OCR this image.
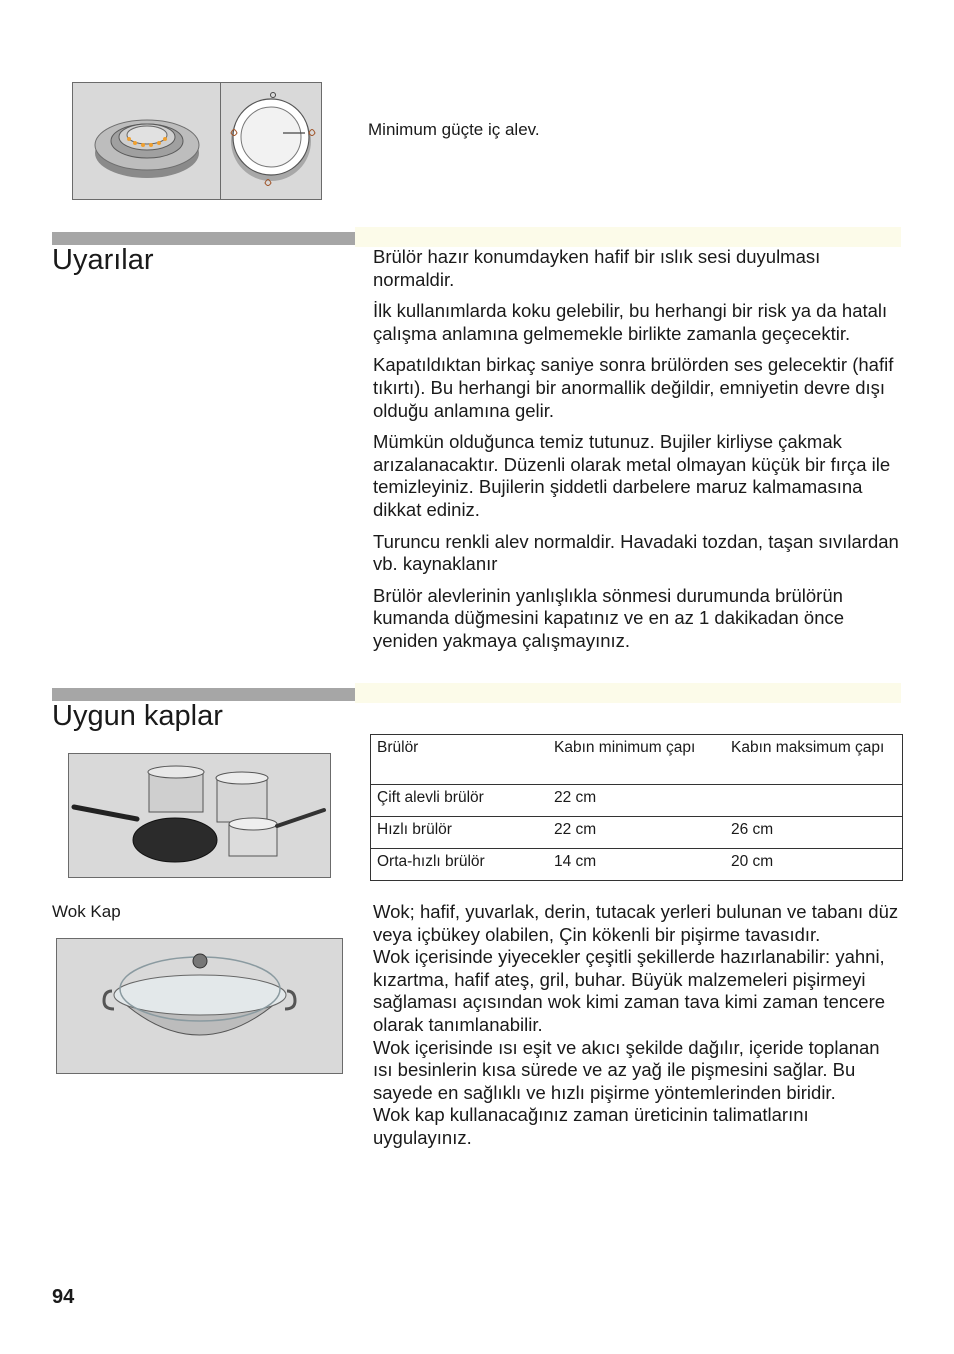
Minimum güçte iç alev.
Uyarılar	Brülör hazır konumdayken hafif bir ıslık sesi duyulması normaldir.

İlk kullanımlarda koku gelebilir, bu herhangi bir risk ya da hatalı çalışma anlamına gelmemekle birlikte zamanla geçecektir.

Kapatıldıktan birkaç saniye sonra brülörden ses gelecektir (hafif tıkırtı). Bu herhangi bir anormallik değildir, emniyetin devre dışı olduğu anlamına gelir.

Mümkün olduğunca temiz tutunuz. Bujiler kirliyse çakmak arızalanacaktır. Düzenli olarak metal olmayan küçük bir fırça ile temizleyiniz. Bujilerin şiddetli darbelere maruz kalmamasına dikkat ediniz.

Turuncu renkli alev normaldir. Havadaki tozdan, taşan sıvılardan vb. kaynaklanır

Brülör alevlerinin yanlışlıkla sönmesi durumunda brülörün kumanda düğmesini kapatınız ve en az 1 dakikadan önce yeniden yakmaya çalışmayınız.

Uygun kaplar
Brülör	Kabın minimum çapı	Kabın maksimum çapı
Çift alevli brülör	22 cm	
Hızlı brülör	22 cm	26 cm
Orta-hızlı brülör	14 cm	20 cm
Wok Kap	Wok; hafif, yuvarlak, derin, tutacak yerleri bulunan ve tabanı düz veya içbükey olabilen, Çin kökenli bir pişirme tavasıdır.

Wok içerisinde yiyecekler çeşitli şekillerde hazırlanabilir: yahni, kızartma, hafif ateş, gril, buhar. Büyük malzemeleri pişirmeyi sağlaması açısından wok kimi zaman tava kimi zaman tencere olarak tanımlanabilir.

Wok içerisinde ısı eşit ve akıcı şekilde dağılır, içeride toplanan ısı besinlerin kısa sürede ve az yağ ile pişmesini sağlar. Bu sayede en sağlıklı ve hızlı pişirme yöntemlerinden biridir.

Wok kap kullanacağınız zaman üreticinin talimatlarını uygulayınız.

94
